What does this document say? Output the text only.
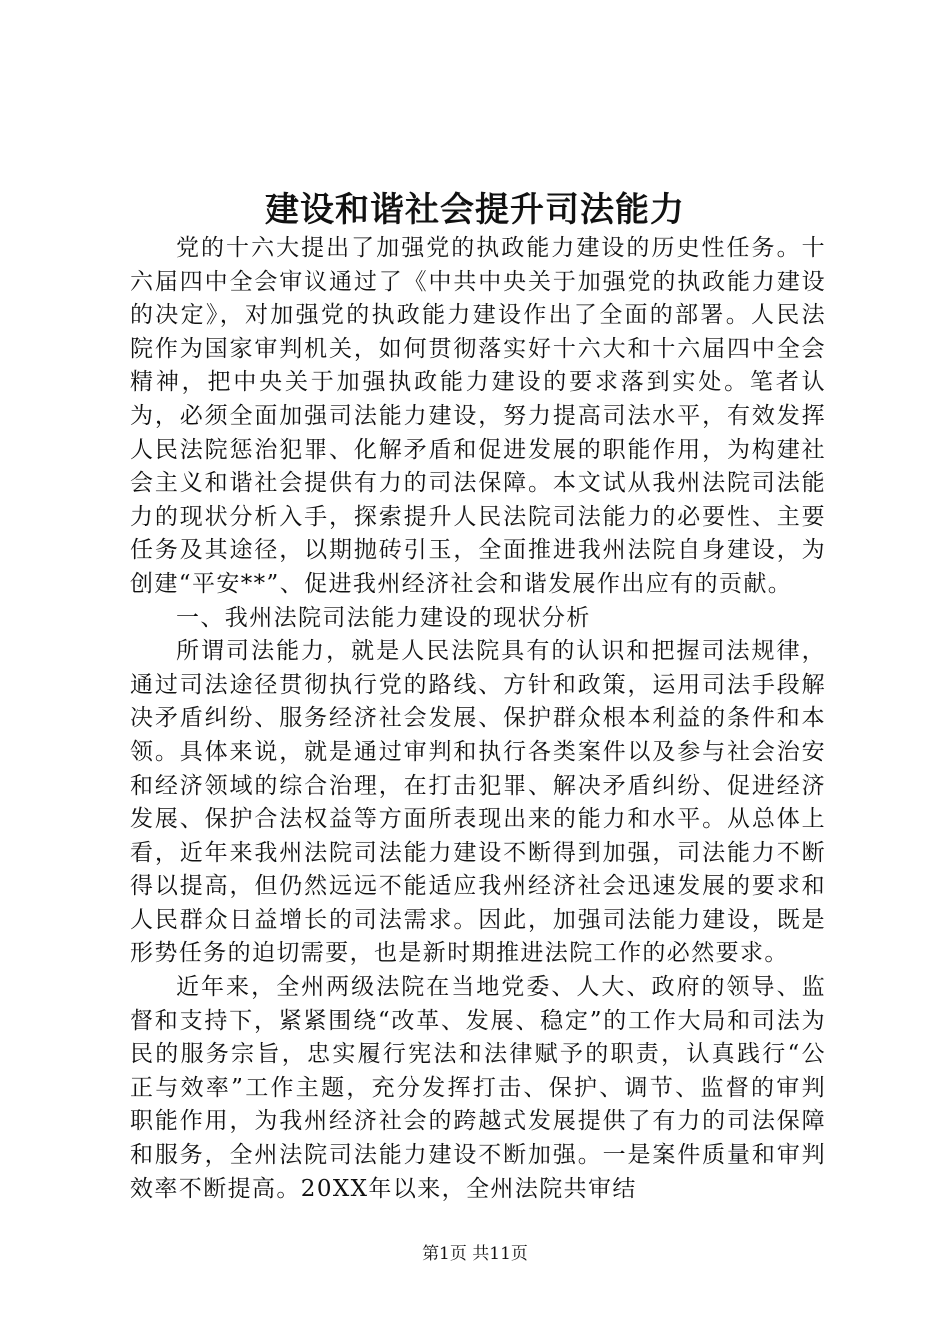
建设和谐社会提升司法能力

党的十六大提出了加强党的执政能力建设的历史性任务。十六届四中全会审议通过了《中共中央关于加强党的执政能力建设的决定》，对加强党的执政能力建设作出了全面的部署。人民法院作为国家审判机关，如何贯彻落实好十六大和十六届四中全会精神，把中央关于加强执政能力建设的要求落到实处。笔者认为，必须全面加强司法能力建设，努力提高司法水平，有效发挥人民法院惩治犯罪、化解矛盾和促进发展的职能作用，为构建社会主义和谐社会提供有力的司法保障。本文试从我州法院司法能力的现状分析入手，探索提升人民法院司法能力的必要性、主要任务及其途径，以期抛砖引玉，全面推进我州法院自身建设，为创建“平安**”、促进我州经济社会和谐发展作出应有的贡献。

一、我州法院司法能力建设的现状分析

所谓司法能力，就是人民法院具有的认识和把握司法规律，通过司法途径贯彻执行党的路线、方针和政策，运用司法手段解决矛盾纠纷、服务经济社会发展、保护群众根本利益的条件和本领。具体来说，就是通过审判和执行各类案件以及参与社会治安和经济领域的综合治理，在打击犯罪、解决矛盾纠纷、促进经济发展、保护合法权益等方面所表现出来的能力和水平。从总体上看，近年来我州法院司法能力建设不断得到加强，司法能力不断得以提高，但仍然远远不能适应我州经济社会迅速发展的要求和人民群众日益增长的司法需求。因此，加强司法能力建设，既是形势任务的迫切需要，也是新时期推进法院工作的必然要求。

近年来，全州两级法院在当地党委、人大、政府的领导、监督和支持下，紧紧围绕“改革、发展、稳定”的工作大局和司法为民的服务宗旨，忠实履行宪法和法律赋予的职责，认真践行“公正与效率”工作主题，充分发挥打击、保护、调节、监督的审判职能作用，为我州经济社会的跨越式发展提供了有力的司法保障和服务，全州法院司法能力建设不断加强。一是案件质量和审判效率不断提高。20XX年以来，全州法院共审结

第1页 共11页
